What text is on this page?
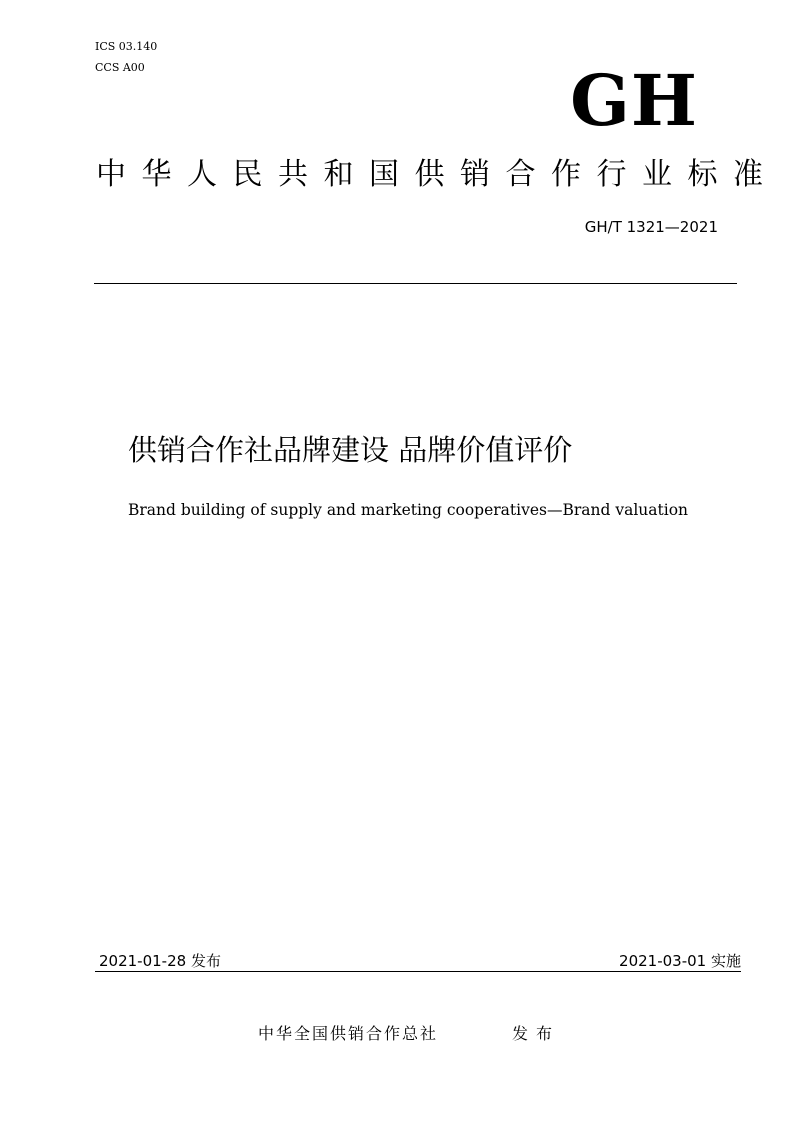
ICS 03.140
CCS A00	GH
中华人民共和国供销合作行业标准
GH/T 1321—2021
供销合作社品牌建设 品牌价值评价
Brand building of supply and marketing cooperatives—Brand valuation
2021-01-28 发布	2021-03-01 实施
中华全国供销合作总社	发布
